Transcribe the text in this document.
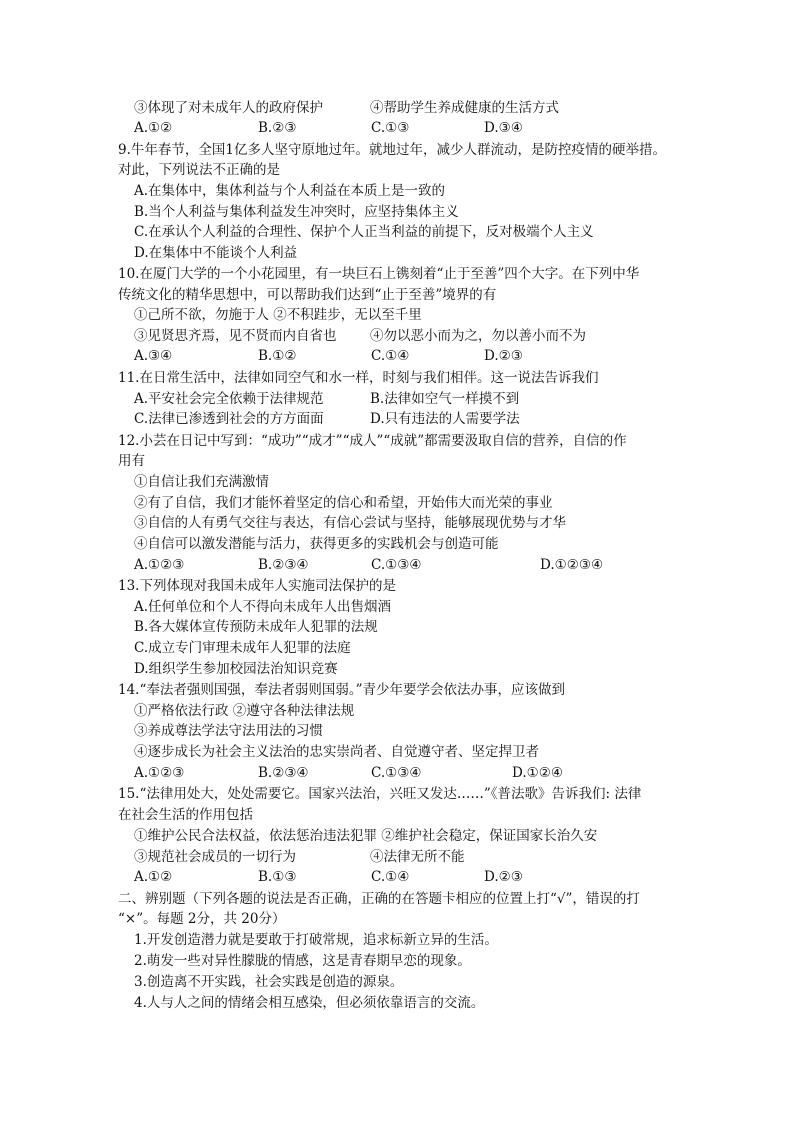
③体现了对未成年人的政府保护	④帮助学生养成健康的生活方式
A.①②	B.②③	C.①③	D.③④
9.牛年春节，全国1亿多人坚守原地过年。就地过年，减少人群流动，是防控疫情的硬举措。
对此，下列说法不正确的是
A.在集体中，集体利益与个人利益在本质上是一致的
B.当个人利益与集体利益发生冲突时，应坚持集体主义
C.在承认个人利益的合理性、保护个人正当利益的前提下，反对极端个人主义
D.在集体中不能谈个人利益
10.在厦门大学的一个小花园里，有一块巨石上镌刻着“止于至善”四个大字。在下列中华
传统文化的精华思想中，可以帮助我们达到“止于至善”境界的有
①己所不欲，勿施于人 ②不积跬步，无以至千里
③见贤思齐焉，见不贤而内自省也 ④勿以恶小而为之，勿以善小而不为
A.③④	B.①②	C.①④	D.②③
11.在日常生活中，法律如同空气和水一样，时刻与我们相伴。这一说法告诉我们
A.平安社会完全依赖于法律规范	B.法律如空气一样摸不到
C.法律已渗透到社会的方方面面	D.只有违法的人需要学法
12.小芸在日记中写到：“成功”“成才”“成人”“成就”都需要汲取自信的营养，自信的作
用有
①自信让我们充满激情
②有了自信，我们才能怀着坚定的信心和希望，开始伟大而光荣的事业
③自信的人有勇气交往与表达，有信心尝试与坚持，能够展现优势与才华
④自信可以激发潜能与活力，获得更多的实践机会与创造可能
A.①②③	B.②③④	C.①③④	D.①②③④
13.下列体现对我国未成年人实施司法保护的是
A.任何单位和个人不得向未成年人出售烟酒
B.各大媒体宣传预防未成年人犯罪的法规
C.成立专门审理未成年人犯罪的法庭
D.组织学生参加校园法治知识竞赛
14.“奉法者强则国强，奉法者弱则国弱。”青少年要学会依法办事，应该做到
①严格依法行政 ②遵守各种法律法规
③养成尊法学法守法用法的习惯
④逐步成长为社会主义法治的忠实崇尚者、自觉遵守者、坚定捍卫者
A.①②③	B.②③④	C.①③④	D.①②④
15.“法律用处大，处处需要它。国家兴法治，兴旺又发达……”《普法歌》告诉我们: 法律
在社会生活的作用包括
①维护公民合法权益，依法惩治违法犯罪 ②维护社会稳定，保证国家长治久安
③规范社会成员的一切行为	④法律无所不能
A.①②	B.①③	C.①④	D.②③
二、辨别题（下列各题的说法是否正确，正确的在答题卡相应的位置上打“√”，错误的打
“×”。每题 2分，共 20分）
1.开发创造潜力就是要敢于打破常规，追求标新立异的生活。
2.萌发一些对异性朦胧的情感，这是青春期早恋的现象。
3.创造离不开实践，社会实践是创造的源泉。
4.人与人之间的情绪会相互感染，但必须依靠语言的交流。
